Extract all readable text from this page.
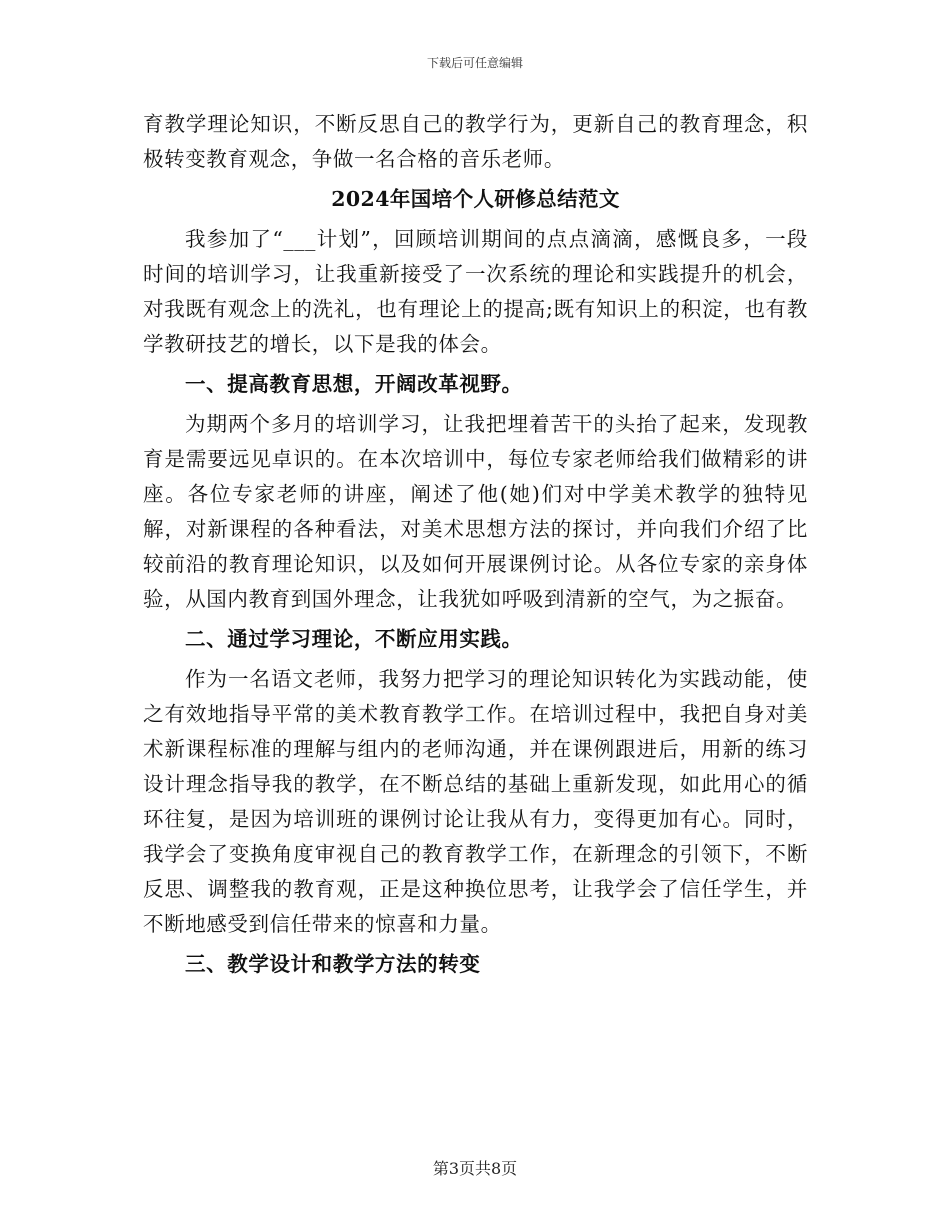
下载后可任意编辑

育教学理论知识，不断反思自己的教学行为，更新自己的教育理念，积极转变教育观念，争做一名合格的音乐老师。

2024年国培个人研修总结范文

我参加了“___计划”，回顾培训期间的点点滴滴，感慨良多，一段时间的培训学习，让我重新接受了一次系统的理论和实践提升的机会，对我既有观念上的洗礼，也有理论上的提高;既有知识上的积淀，也有教学教研技艺的增长，以下是我的体会。

一、提高教育思想，开阔改革视野。

为期两个多月的培训学习，让我把埋着苦干的头抬了起来，发现教育是需要远见卓识的。在本次培训中，每位专家老师给我们做精彩的讲座。各位专家老师的讲座，阐述了他(她)们对中学美术教学的独特见解，对新课程的各种看法，对美术思想方法的探讨，并向我们介绍了比较前沿的教育理论知识，以及如何开展课例讨论。从各位专家的亲身体验，从国内教育到国外理念，让我犹如呼吸到清新的空气，为之振奋。

二、通过学习理论，不断应用实践。

作为一名语文老师，我努力把学习的理论知识转化为实践动能，使之有效地指导平常的美术教育教学工作。在培训过程中，我把自身对美术新课程标准的理解与组内的老师沟通，并在课例跟进后，用新的练习设计理念指导我的教学，在不断总结的基础上重新发现，如此用心的循环往复，是因为培训班的课例讨论让我从有力，变得更加有心。同时，我学会了变换角度审视自己的教育教学工作，在新理念的引领下，不断反思、调整我的教育观，正是这种换位思考，让我学会了信任学生，并不断地感受到信任带来的惊喜和力量。

三、教学设计和教学方法的转变
第3页共8页
